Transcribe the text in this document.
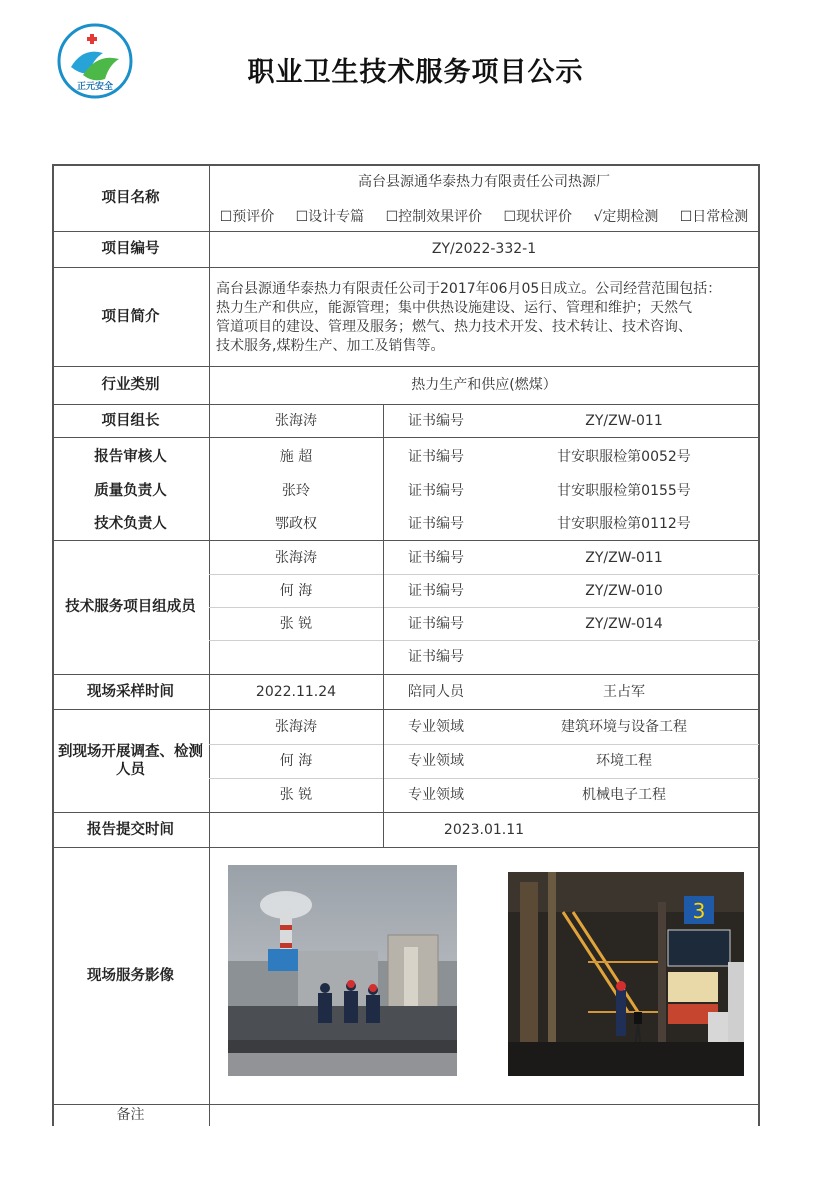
正元安全	职业卫生技术服务项目公示
项目名称
高台县源通华泰热力有限责任公司热源厂
☐预评价 ☐设计专篇 ☐控制效果评价 ☐现状评价 √定期检测 ☐日常检测
项目编号	ZY/2022-332-1
项目简介
高台县源通华泰热力有限责任公司于2017年06月05日成立。公司经营范围包括：
热力生产和供应，能源管理；集中供热设施建设、运行、管理和维护；天然气
管道项目的建设、管理及服务；燃气、热力技术开发、技术转让、技术咨询、
技术服务,煤粉生产、加工及销售等。
行业类别	热力生产和供应(燃煤）
项目组长	张海涛	证书编号	ZY/ZW-011
报告审核人	施 超	证书编号	甘安职服检第0052号
质量负责人	张玲	证书编号	甘安职服检第0155号
技术负责人	鄂政权	证书编号	甘安职服检第0112号
技术服务项目组成员
张海涛	证书编号	ZY/ZW-011
何 海	证书编号	ZY/ZW-010
张 锐	证书编号	ZY/ZW-014
证书编号
现场采样时间	2022.11.24	陪同人员	王占军
到现场开展调查、检测人员
张海涛	专业领域	建筑环境与设备工程
何 海	专业领域	环境工程
张 锐	专业领域	机械电子工程
报告提交时间	2023.01.11
现场服务影像
3
备注
